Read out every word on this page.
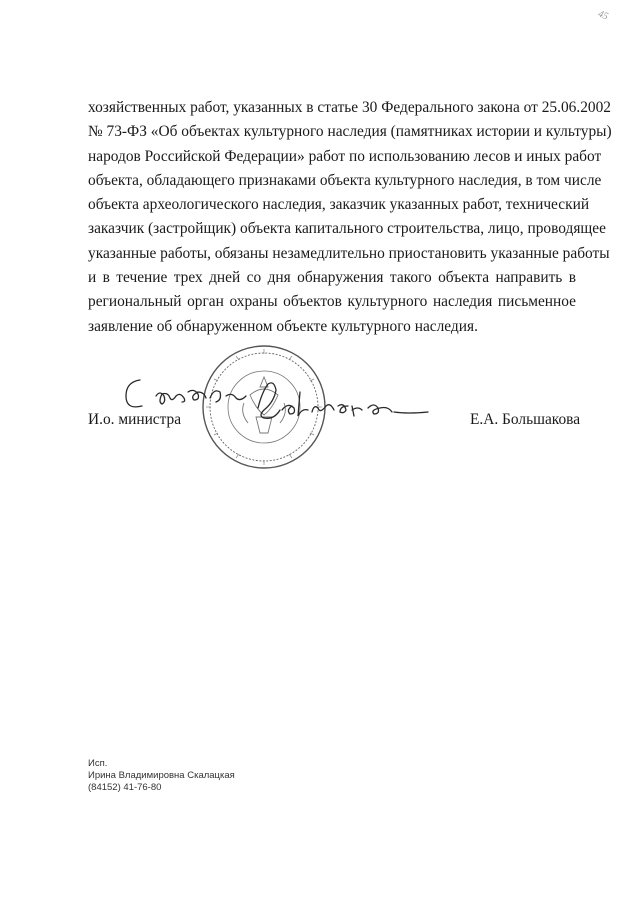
45
хозяйственных работ, указанных в статье 30 Федерального закона от 25.06.2002
№ 73-ФЗ «Об объектах культурного наследия (памятниках истории и культуры)
народов Российской Федерации» работ по использованию лесов и иных работ
объекта, обладающего признаками объекта культурного наследия, в том числе
объекта археологического наследия, заказчик указанных работ, технический
заказчик (застройщик) объекта капитального строительства, лицо, проводящее
указанные работы, обязаны незамедлительно приостановить указанные работы
и в течение трех дней со дня обнаружения такого объекта направить в
региональный орган охраны объектов культурного наследия письменное
заявление об обнаруженном объекте культурного наследия.
И.о. министра	Е.А. Большакова
Исп.
Ирина Владимировна Скалацкая
(84152) 41-76-80
